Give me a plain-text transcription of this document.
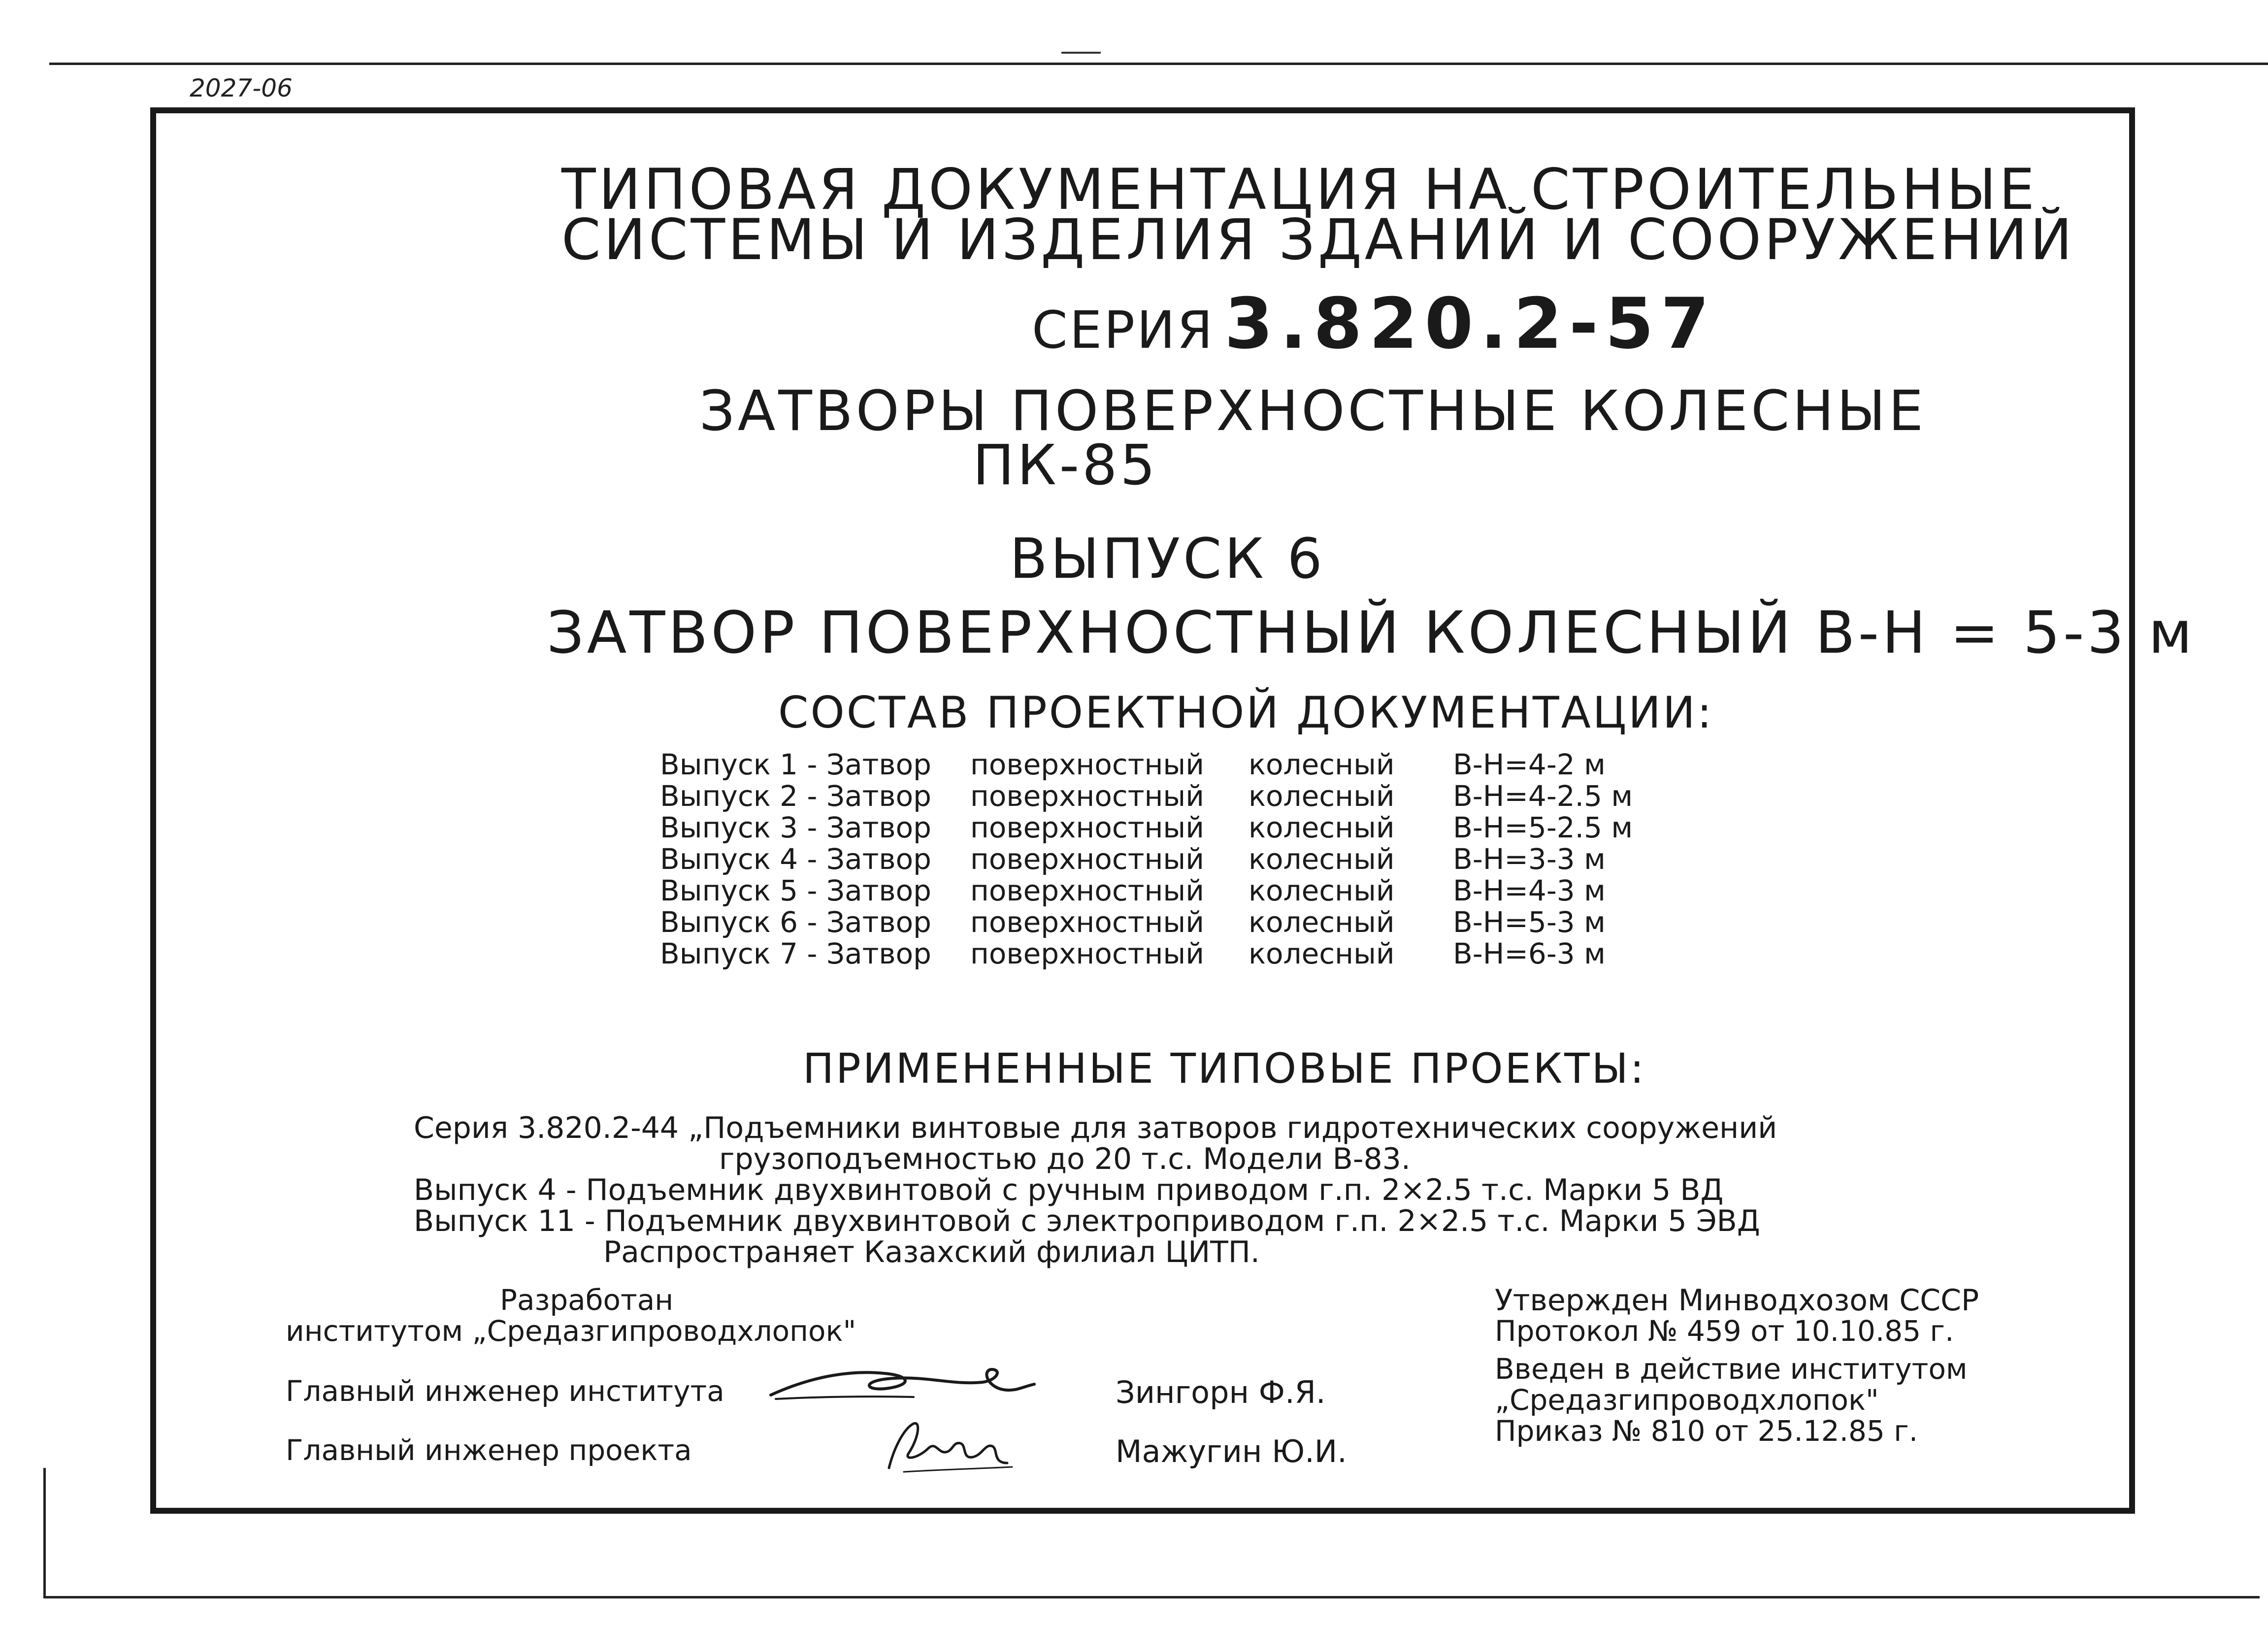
2027-06
ТИПОВАЯ ДОКУМЕНТАЦИЯ НА СТРОИТЕЛЬНЫЕ
СИСТЕМЫ И ИЗДЕЛИЯ ЗДАНИЙ И СООРУЖЕНИЙ
СЕРИЯ 3.820.2-57
ЗАТВОРЫ ПОВЕРХНОСТНЫЕ КОЛЕСНЫЕ
ПК-85
ВЫПУСК 6
ЗАТВОР ПОВЕРХНОСТНЫЙ КОЛЕСНЫЙ В-Н = 5-3 м
СОСТАВ ПРОЕКТНОЙ ДОКУМЕНТАЦИИ:
Выпуск 1 - Затвор поверхностный колесный В-Н=4-2 м
Выпуск 2 - Затвор поверхностный колесный В-Н=4-2.5 м
Выпуск 3 - Затвор поверхностный колесный В-Н=5-2.5 м
Выпуск 4 - Затвор поверхностный колесный В-Н=3-3 м
Выпуск 5 - Затвор поверхностный колесный В-Н=4-3 м
Выпуск 6 - Затвор поверхностный колесный В-Н=5-3 м
Выпуск 7 - Затвор поверхностный колесный В-Н=6-3 м
ПРИМЕНЕННЫЕ ТИПОВЫЕ ПРОЕКТЫ:
Серия 3.820.2-44 „Подъемники винтовые для затворов гидротехнических сооружений
грузоподъемностью до 20 т.с. Модели В-83.
Выпуск 4 - Подъемник двухвинтовой с ручным приводом г.п. 2×2.5 т.с. Марки 5 ВД
Выпуск 11 - Подъемник двухвинтовой с электроприводом г.п. 2×2.5 т.с. Марки 5 ЭВД
Распространяет Казахский филиал ЦИТП.
Разработан
институтом „Средазгипроводхлопок"
Главный инженер института	Зингорн Ф.Я.
Главный инженер проекта	Мажугин Ю.И.
Утвержден Минводхозом СССР
Протокол № 459 от 10.10.85 г.
Введен в действие институтом
„Средазгипроводхлопок"
Приказ № 810 от 25.12.85 г.
